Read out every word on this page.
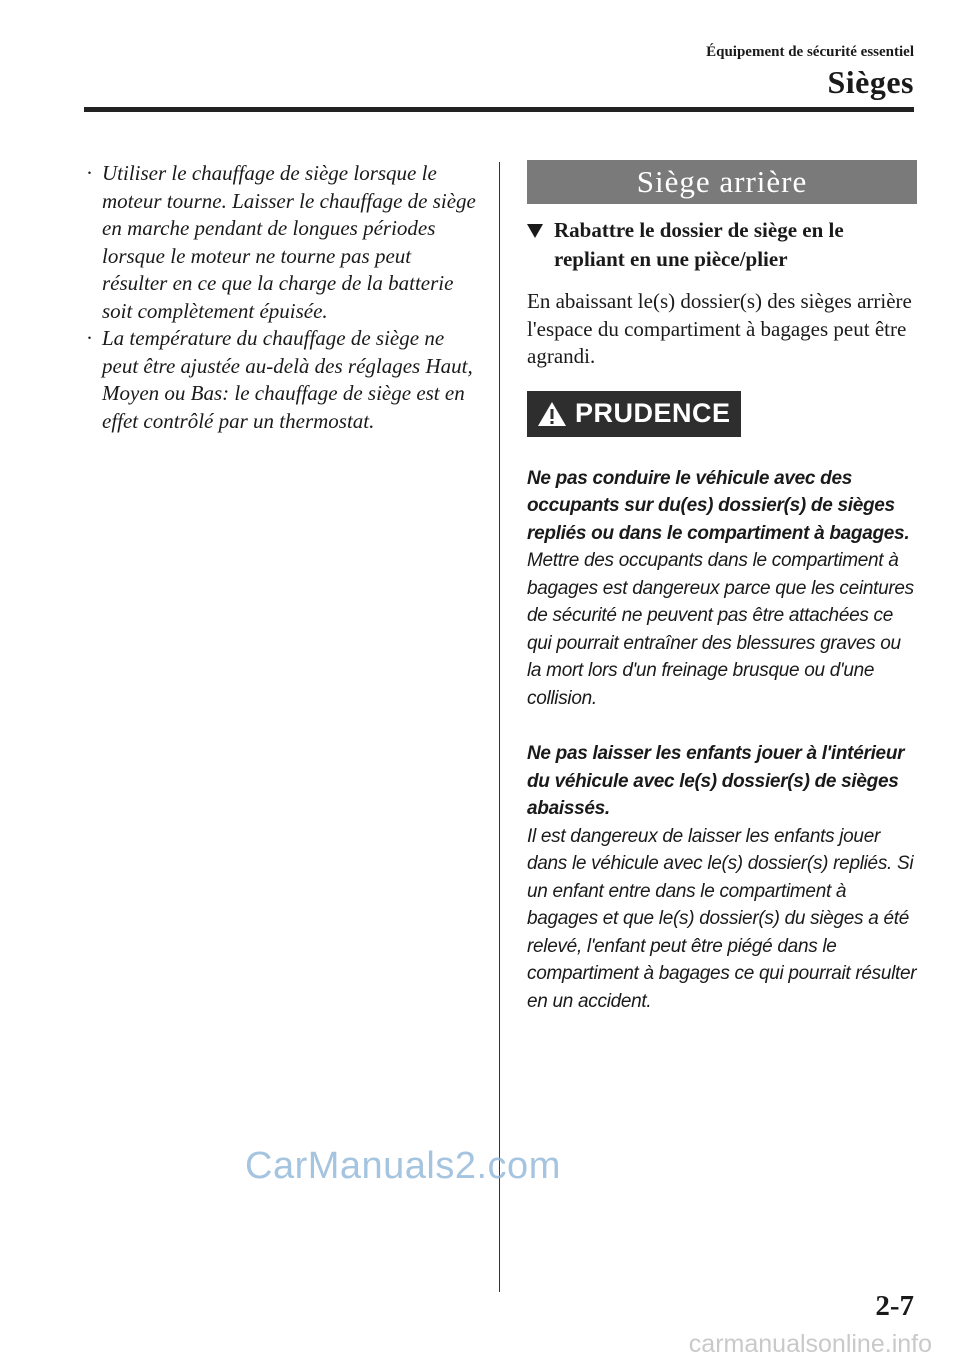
Équipement de sécurité essentiel
Sièges
· Utiliser le chauffage de siège lorsque le moteur tourne. Laisser le chauffage de siège en marche pendant de longues périodes lorsque le moteur ne tourne pas peut résulter en ce que la charge de la batterie soit complètement épuisée.
· La température du chauffage de siège ne peut être ajustée au-delà des réglages Haut, Moyen ou Bas: le chauffage de siège est en effet contrôlé par un thermostat.
Siège arrière
Rabattre le dossier de siège en le repliant en une pièce/plier
En abaissant le(s) dossier(s) des sièges arrière l'espace du compartiment à bagages peut être agrandi.
PRUDENCE
Ne pas conduire le véhicule avec des occupants sur du(es) dossier(s) de sièges repliés ou dans le compartiment à bagages.
Mettre des occupants dans le compartiment à bagages est dangereux parce que les ceintures de sécurité ne peuvent pas être attachées ce qui pourrait entraîner des blessures graves ou la mort lors d'un freinage brusque ou d'une collision.
Ne pas laisser les enfants jouer à l'intérieur du véhicule avec le(s) dossier(s) de sièges abaissés.
Il est dangereux de laisser les enfants jouer dans le véhicule avec le(s) dossier(s) repliés. Si un enfant entre dans le compartiment à bagages et que le(s) dossier(s) du sièges a été relevé, l'enfant peut être piégé dans le compartiment à bagages ce qui pourrait résulter en un accident.
CarManuals2.com
2-7
carmanualsonline.info
